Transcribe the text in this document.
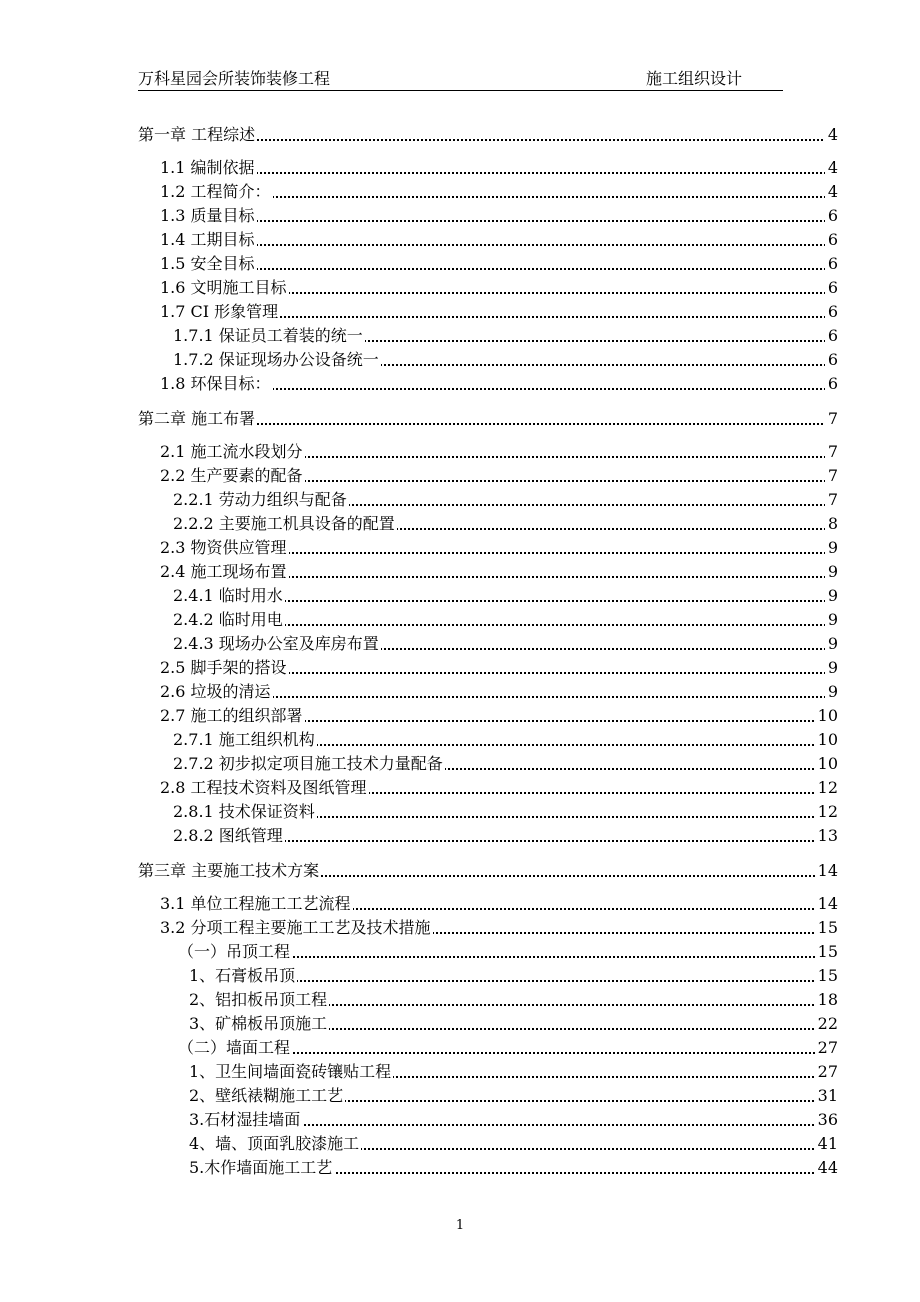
万科星园会所装饰装修工程	施工组织设计
第一章 工程综述	4
1.1 编制依据	4
1.2 工程简介：	4
1.3 质量目标	6
1.4 工期目标	6
1.5 安全目标	6
1.6 文明施工目标	6
1.7 CI 形象管理	6
1.7.1 保证员工着装的统一	6
1.7.2 保证现场办公设备统一	6
1.8 环保目标：	6
第二章 施工布署	7
2.1 施工流水段划分	7
2.2 生产要素的配备	7
2.2.1 劳动力组织与配备	7
2.2.2 主要施工机具设备的配置	8
2.3 物资供应管理	9
2.4 施工现场布置	9
2.4.1 临时用水	9
2.4.2 临时用电	9
2.4.3 现场办公室及库房布置	9
2.5 脚手架的搭设	9
2.6 垃圾的清运	9
2.7 施工的组织部署	10
2.7.1 施工组织机构	10
2.7.2 初步拟定项目施工技术力量配备	10
2.8 工程技术资料及图纸管理	12
2.8.1 技术保证资料	12
2.8.2 图纸管理	13
第三章 主要施工技术方案	14
3.1 单位工程施工工艺流程	14
3.2 分项工程主要施工工艺及技术措施	15
（一）吊顶工程	15
1、石膏板吊顶	15
2、铝扣板吊顶工程	18
3、矿棉板吊顶施工	22
（二）墙面工程	27
1、卫生间墙面瓷砖镶贴工程	27
2、壁纸裱糊施工工艺	31
3.石材湿挂墙面	36
4、墙、顶面乳胶漆施工	41
5.木作墙面施工工艺	44
1
